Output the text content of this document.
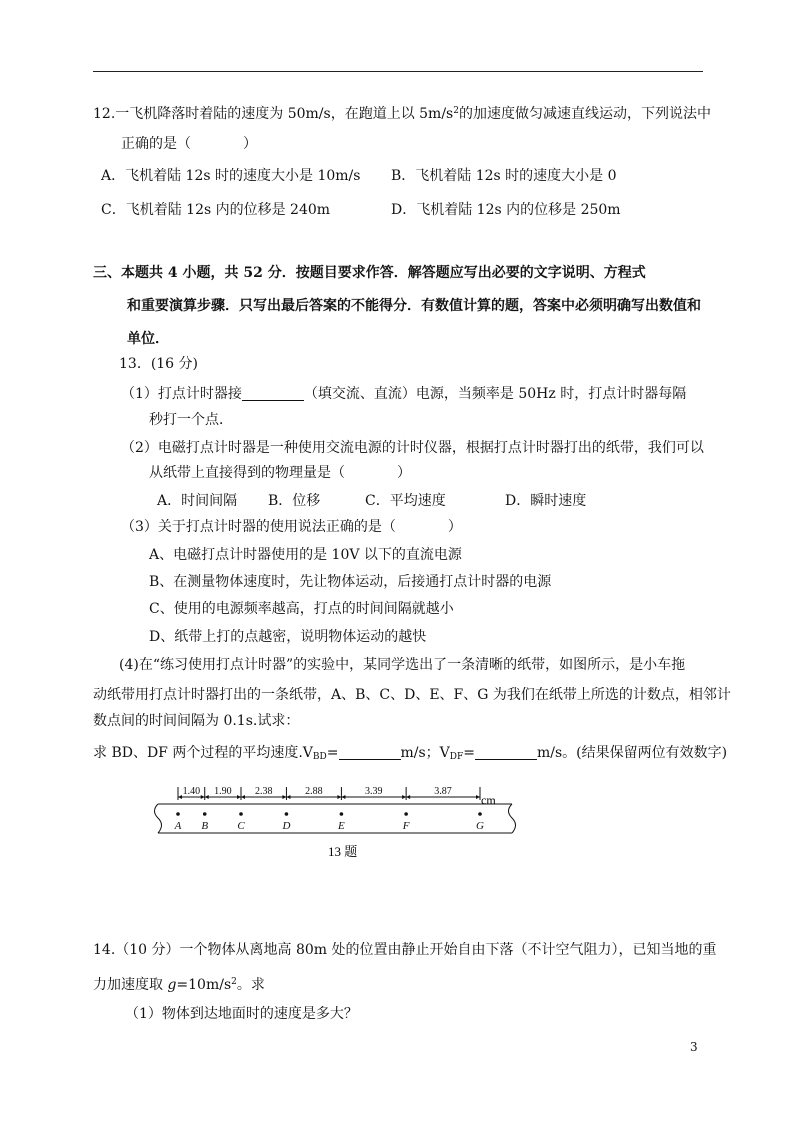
12.一飞机降落时着陆的速度为 50m/s，在跑道上以 $5m/s^2$的加速度做匀减速直线运动，下列说法中
正确的是（	）
A．飞机着陆 12s 时的速度大小是 10m/s B．飞机着陆 12s 时的速度大小是 0
C．飞机着陆 12s 内的位移是 240m	D．飞机着陆 12s 内的位移是 250m
三、本题共 4 小题，共 52 分．按题目要求作答．解答题应写出必要的文字说明、方程式
和重要演算步骤．只写出最后答案的不能得分．有数值计算的题，答案中必须明确写出数值和
单位．
13．(16 分)
（1）打点计时器接	（填交流、直流）电源，当频率是 50Hz 时，打点计时器每隔
秒打一个点．
（2）电磁打点计时器是一种使用交流电源的计时仪器，根据打点计时器打出的纸带，我们可以
从纸带上直接得到的物理量是（	）
A．时间间隔 B．位移	C．平均速度	D．瞬时速度
（3）关于打点计时器的使用说法正确的是（	）
A、电磁打点计时器使用的是 10V 以下的直流电源
B、在测量物体速度时，先让物体运动，后接通打点计时器的电源
C、使用的电源频率越高，打点的时间间隔就越小
D、纸带上打的点越密，说明物体运动的越快
(4)在“练习使用打点计时器”的实验中，某同学选出了一条清晰的纸带，如图所示，是小车拖
动纸带用打点计时器打出的一条纸带，A、B、C、D、E、F、G 为我们在纸带上所选的计数点，相邻计
数点间的时间间隔为 0.1s.试求：
求 BD、DF 两个过程的平均速度$.V_{BD}=$	m/s；$V_{DF}=$	m/s。(结果保留两位有效数字)
1.40 1.90 2.38	2.88	3.39	3.87
A B	C	D	E	F	G
cm
13 题
14.（10 分）一个物体从离地高 80m 处的位置由静止开始自由下落（不计空气阻力），已知当地的重
力加速度取 $g=10m/s^2$。求
（1）物体到达地面时的速度是多大？
3
